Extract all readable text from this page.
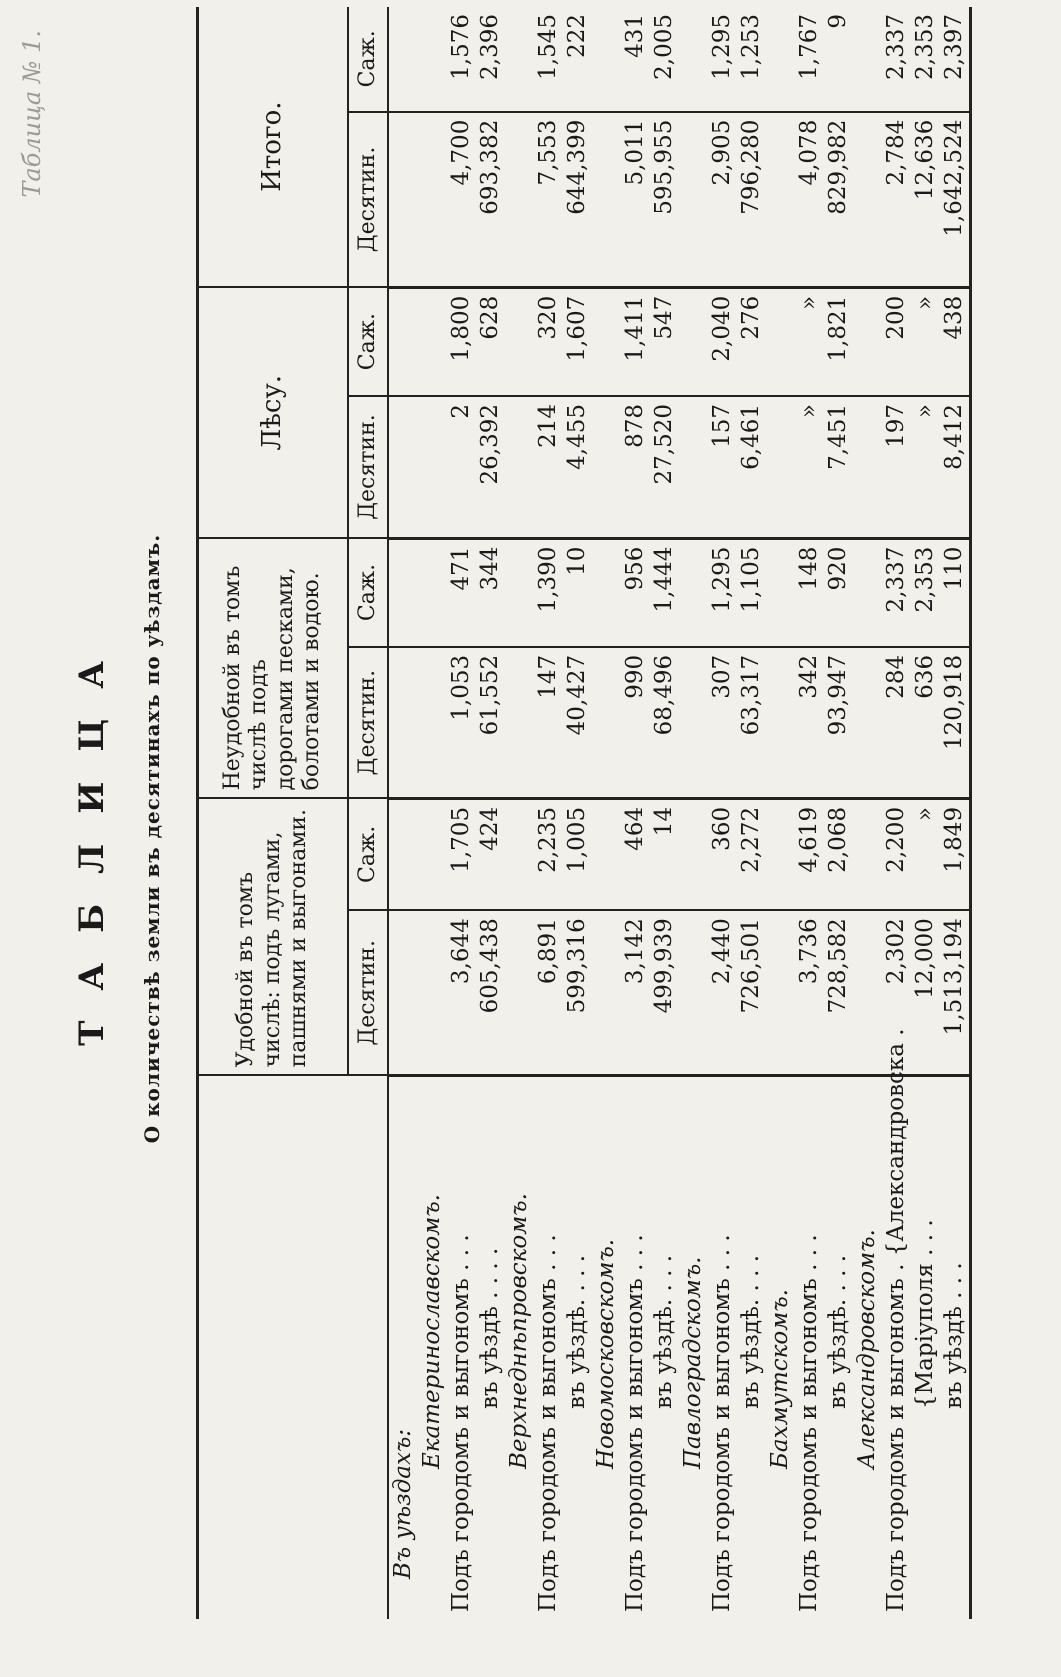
Таблица № 1.
ТАБЛИЦА О количествѣ земли въ десятинахъ по уѣздамъ.
		Удобной въ томъ числѣ: подъ лугами, пашнями и выгонами.		Неудобной въ томъ числѣ подъ дорогами песками, болотами и водою.		Лѣсу.		Итого.	
	Десятин.	Саж.	Десятин.	Саж.	Десятин.	Саж.	Десятин.	Саж.
Въ уѣздахъ:								
Екатеринославскомъ.								
Подъ городомъ и выгономъ . . .	3,644	1,705	1,053	471	2	1,800	4,700	1,576
въ уѣздѣ . . . .	605,438	424	61,552	344	26,392	628	693,382	2,396
Верхнеднѣпровскомъ.								
Подъ городомъ и выгономъ . . .	6,891	2,235	147	1,390	214	320	7,553	1,545
въ уѣздѣ. . . .	599,316	1,005	40,427	10	4,455	1,607	644,399	222
Новомосковскомъ.								
Подъ городомъ и выгономъ . . .	3,142	464	990	956	878	1,411	5,011	431
въ уѣздѣ. . . .	499,939	14	68,496	1,444	27,520	547	595,955	2,005
Павлоградскомъ.								
Подъ городомъ и выгономъ . . .	2,440	360	307	1,295	157	2,040	2,905	1,295
въ уѣздѣ. . . .	726,501	2,272	63,317	1,105	6,461	276	796,280	1,253
Бахмутскомъ.								
Подъ городомъ и выгономъ . . .	3,736	4,619	342	148	»	»	4,078	1,767
въ уѣздѣ. . . .	728,582	2,068	93,947	920	7,451	1,821	829,982	9
Александровскомъ.								
Подъ городомъ и выгономъ . {Александровска .	2,302	2,200	284	2,337	197	200	2,784	2,337
{Маріуполя . . .	12,000	»	636	2,353	»	»	12,636	2,353
въ уѣздѣ . . .	1,513,194	1,849	120,918	110	8,412	438	1,642,524	2,397
